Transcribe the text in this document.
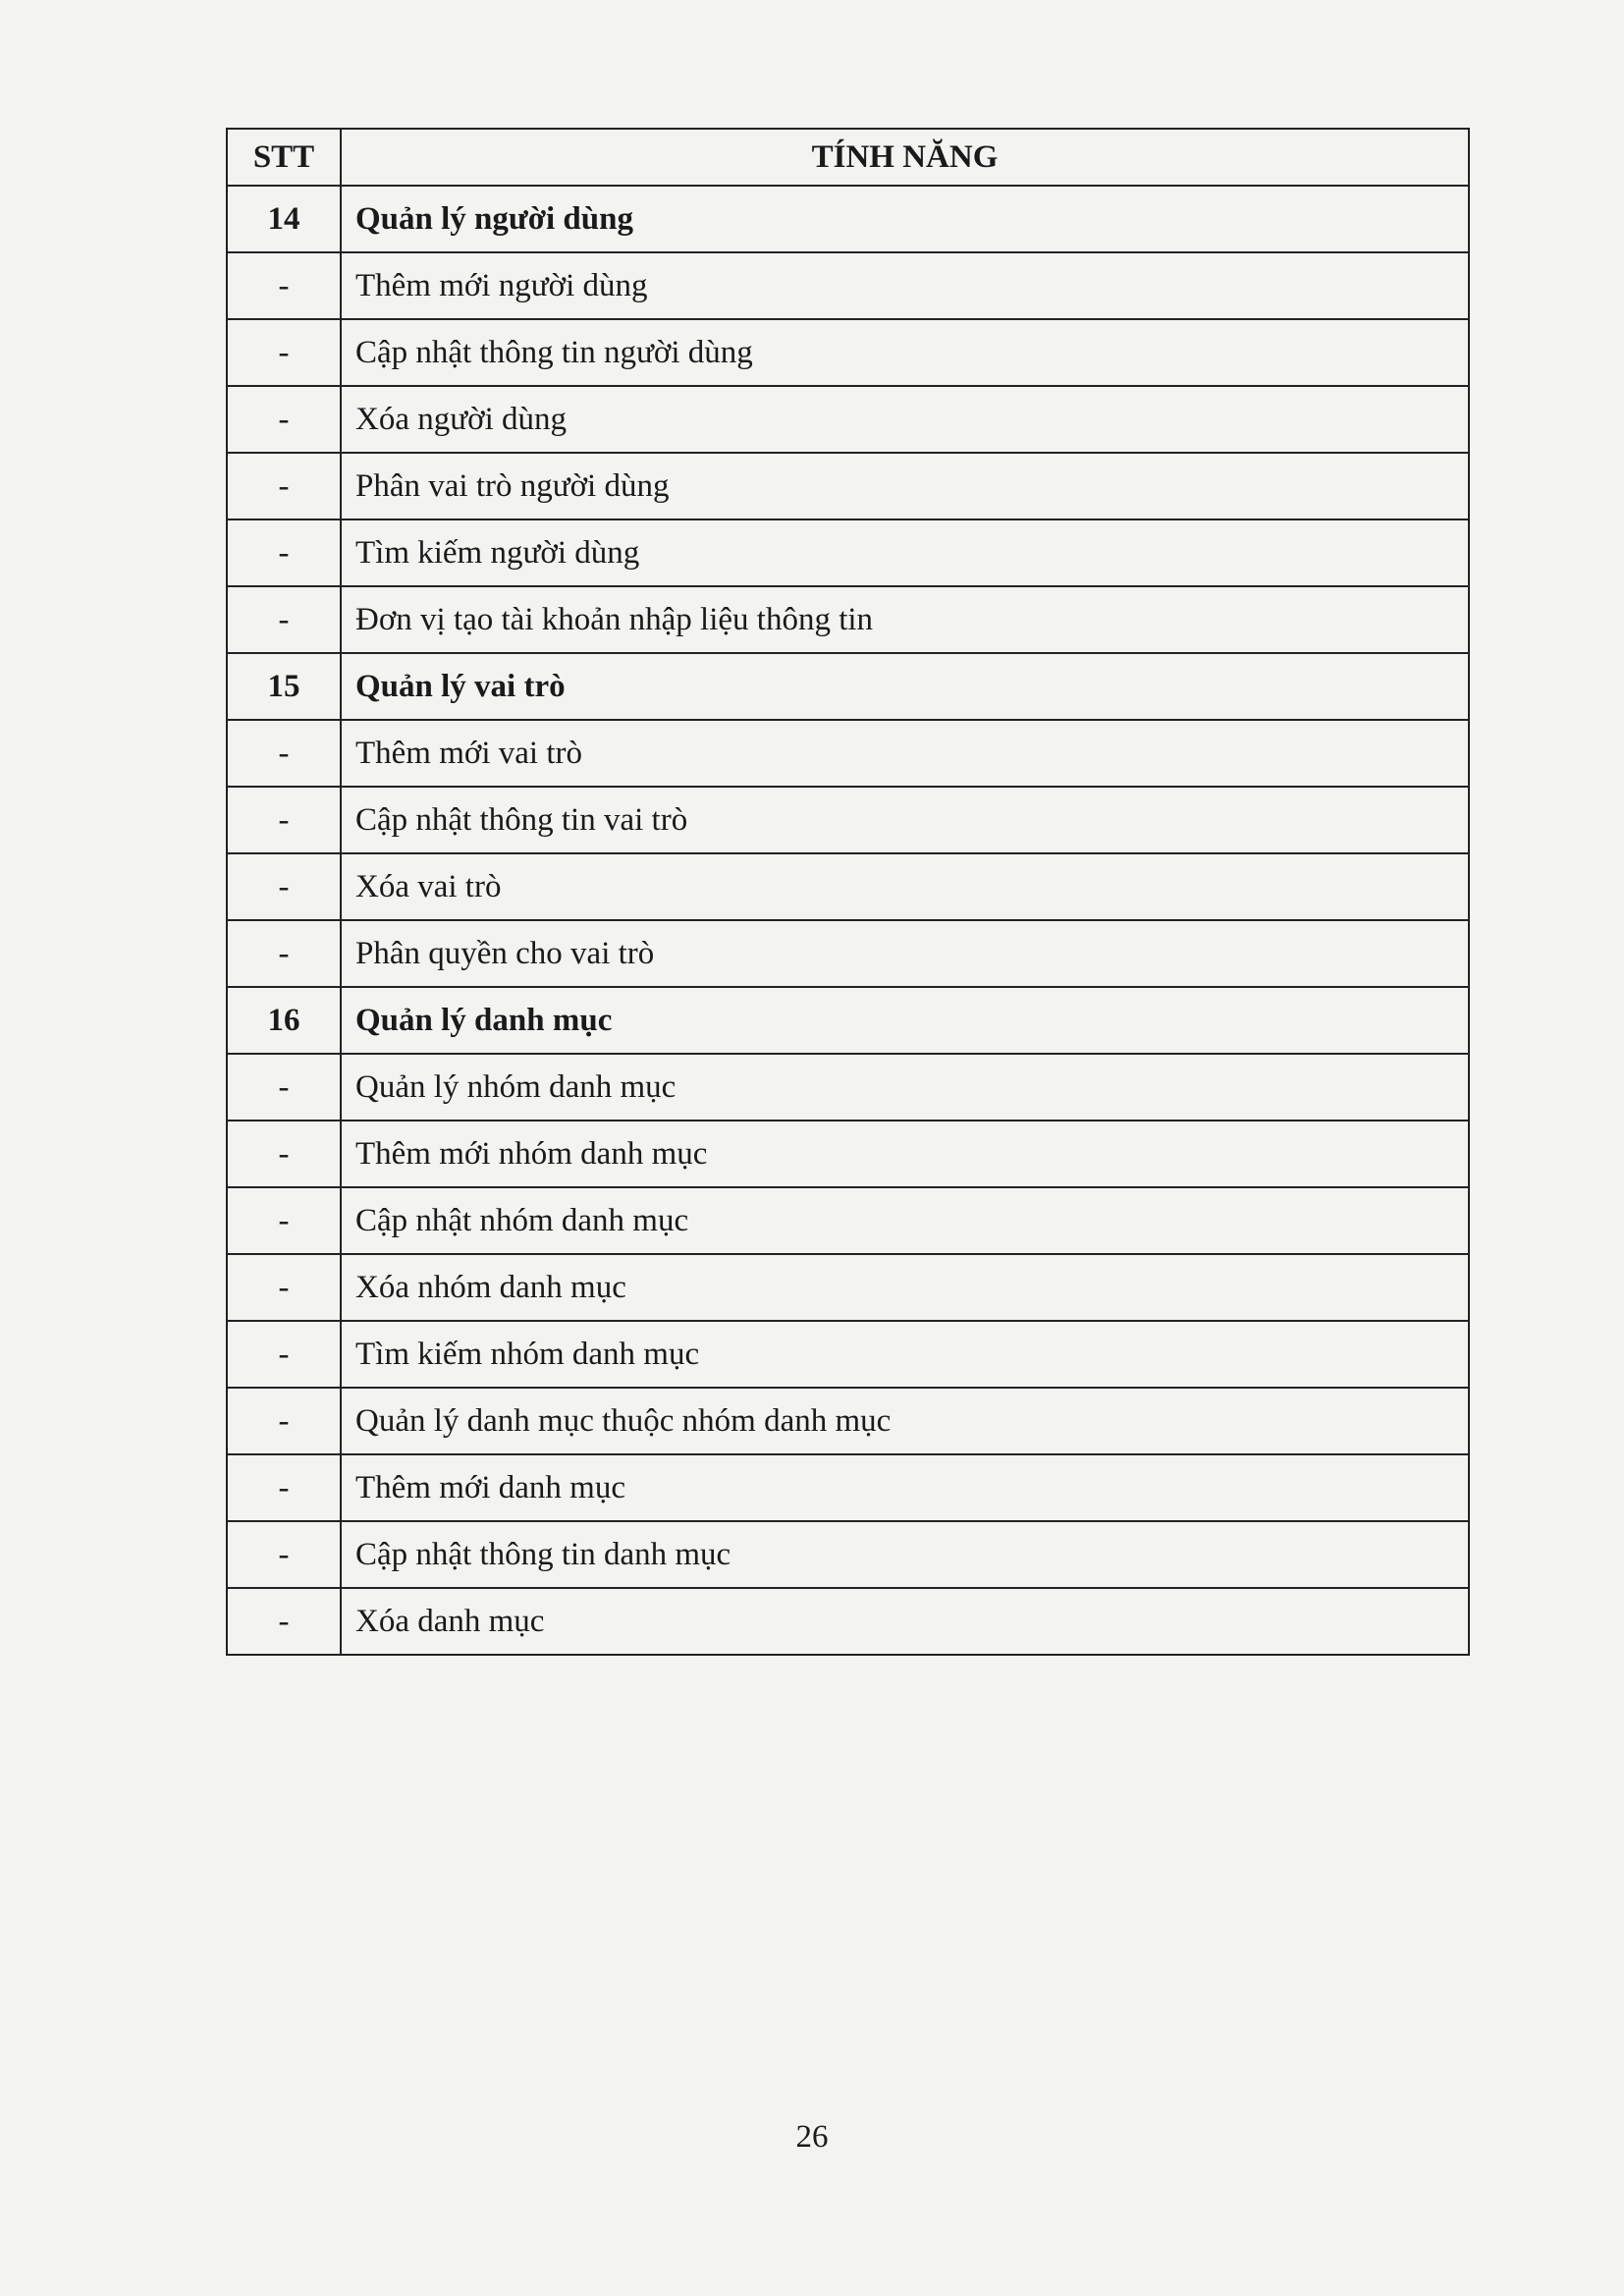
STT	TÍNH NĂNG
14	Quản lý người dùng
-	Thêm mới người dùng
-	Cập nhật thông tin người dùng
-	Xóa người dùng
-	Phân vai trò người dùng
-	Tìm kiếm người dùng
-	Đơn vị tạo tài khoản nhập liệu thông tin
15	Quản lý vai trò
-	Thêm mới vai trò
-	Cập nhật thông tin vai trò
-	Xóa vai trò
-	Phân quyền cho vai trò
16	Quản lý danh mục
-	Quản lý nhóm danh mục
-	Thêm mới nhóm danh mục
-	Cập nhật nhóm danh mục
-	Xóa nhóm danh mục
-	Tìm kiếm nhóm danh mục
-	Quản lý danh mục thuộc nhóm danh mục
-	Thêm mới danh mục
-	Cập nhật thông tin danh mục
-	Xóa danh mục
26
